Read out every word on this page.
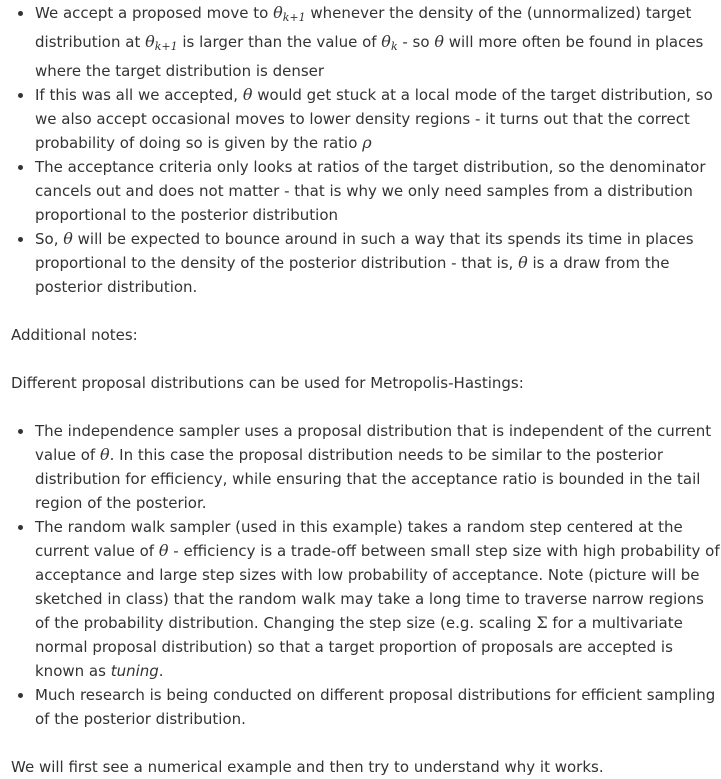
We accept a proposed move to $\theta_{k+1}$ whenever the density of the (unnormalized) target distribution at $\theta_{k+1}$ is larger than the value of $\theta_k$ - so θ will more often be found in places where the target distribution is denser
If this was all we accepted, θ would get stuck at a local mode of the target distribution, so we also accept occasional moves to lower density regions - it turns out that the correct probability of doing so is given by the ratio ρ
The acceptance criteria only looks at ratios of the target distribution, so the denominator cancels out and does not matter - that is why we only need samples from a distribution proportional to the posterior distribution
So, θ will be expected to bounce around in such a way that its spends its time in places proportional to the density of the posterior distribution - that is, θ is a draw from the posterior distribution.

Additional notes:

Different proposal distributions can be used for Metropolis-Hastings:

The independence sampler uses a proposal distribution that is independent of the current value of θ. In this case the proposal distribution needs to be similar to the posterior distribution for efficiency, while ensuring that the acceptance ratio is bounded in the tail region of the posterior.
The random walk sampler (used in this example) takes a random step centered at the current value of θ - efficiency is a trade-off between small step size with high probability of acceptance and large step sizes with low probability of acceptance. Note (picture will be sketched in class) that the random walk may take a long time to traverse narrow regions of the probability distribution. Changing the step size (e.g. scaling Σ for a multivariate normal proposal distribution) so that a target proportion of proposals are accepted is known as tuning.
Much research is being conducted on different proposal distributions for efficient sampling of the posterior distribution.

We will first see a numerical example and then try to understand why it works.
